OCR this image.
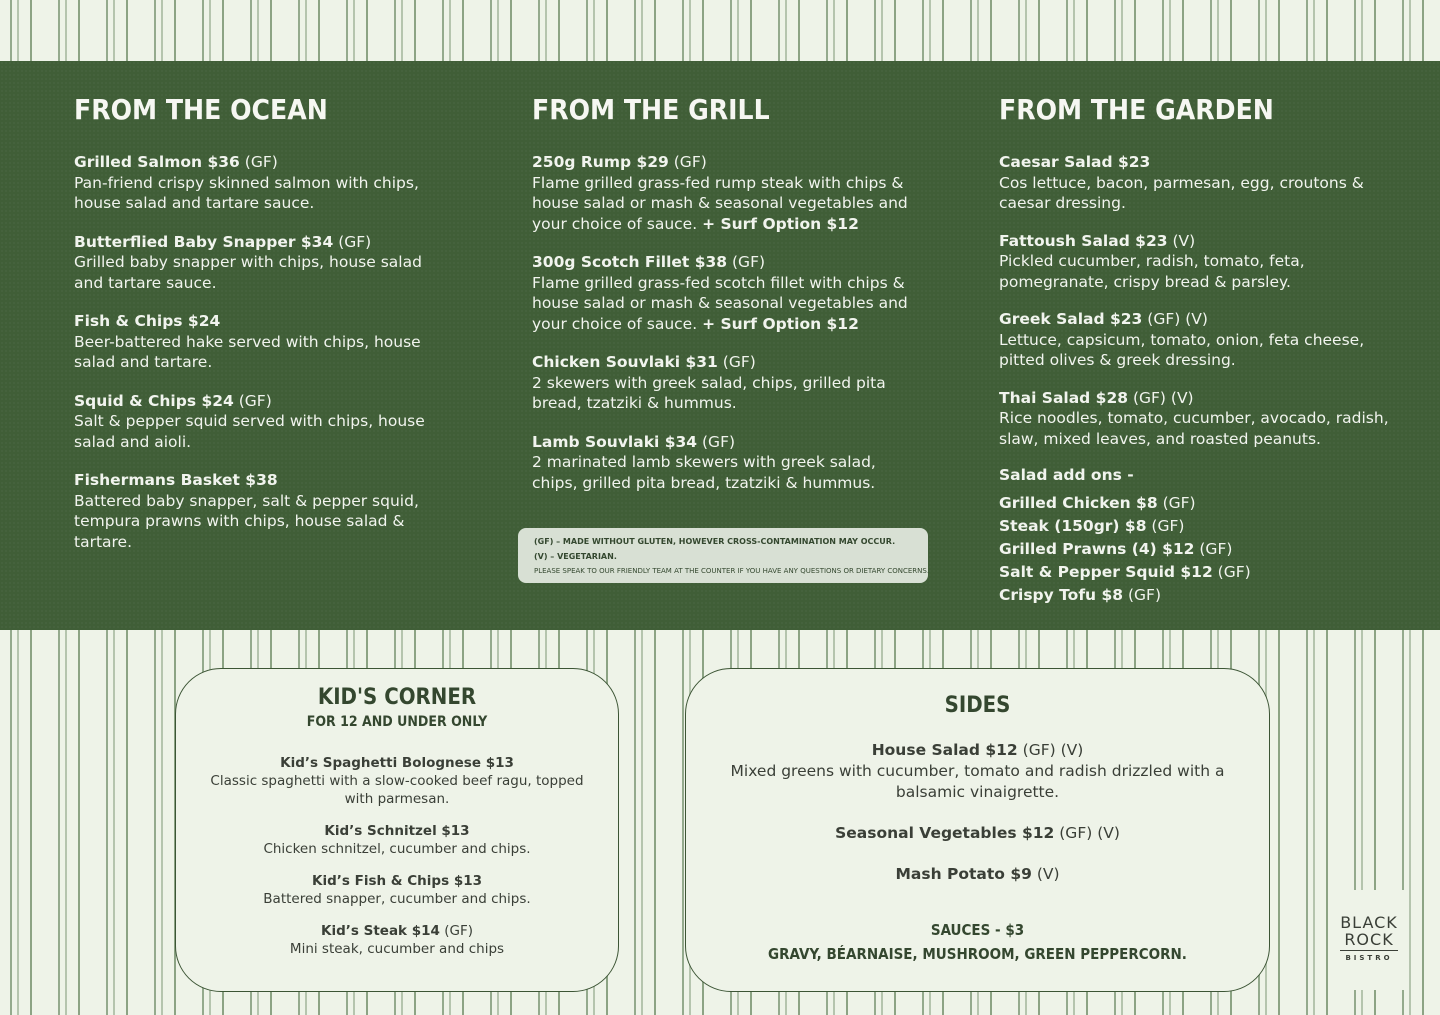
FROM THE OCEAN
Grilled Salmon $36 (GF)
Pan-friend crispy skinned salmon with chips, house salad and tartare sauce.
Butterflied Baby Snapper $34 (GF)
Grilled baby snapper with chips, house salad and tartare sauce.
Fish & Chips $24
Beer-battered hake served with chips, house salad and tartare.
Squid & Chips $24 (GF)
Salt & pepper squid served with chips, house salad and aioli.
Fishermans Basket $38
Battered baby snapper, salt & pepper squid, tempura prawns with chips, house salad & tartare.
FROM THE GRILL
250g Rump $29 (GF)
Flame grilled grass-fed rump steak with chips & house salad or mash & seasonal vegetables and your choice of sauce. + Surf Option $12
300g Scotch Fillet $38 (GF)
Flame grilled grass-fed scotch fillet with chips & house salad or mash & seasonal vegetables and your choice of sauce. + Surf Option $12
Chicken Souvlaki $31 (GF)
2 skewers with greek salad, chips, grilled pita bread, tzatziki & hummus.
Lamb Souvlaki $34 (GF)
2 marinated lamb skewers with greek salad, chips, grilled pita bread, tzatziki & hummus.
(GF) – MADE WITHOUT GLUTEN, HOWEVER CROSS-CONTAMINATION MAY OCCUR.
(V) – VEGETARIAN.
PLEASE SPEAK TO OUR FRIENDLY TEAM AT THE COUNTER IF YOU HAVE ANY QUESTIONS OR DIETARY CONCERNS.
FROM THE GARDEN
Caesar Salad $23
Cos lettuce, bacon, parmesan, egg, croutons & caesar dressing.
Fattoush Salad $23 (V)
Pickled cucumber, radish, tomato, feta, pomegranate, crispy bread & parsley.
Greek Salad $23 (GF) (V)
Lettuce, capsicum, tomato, onion, feta cheese, pitted olives & greek dressing.
Thai Salad $28 (GF) (V)
Rice noodles, tomato, cucumber, avocado, radish, slaw, mixed leaves, and roasted peanuts.
Salad add ons -
Grilled Chicken $8 (GF)
Steak (150gr) $8 (GF)
Grilled Prawns (4) $12 (GF)
Salt & Pepper Squid $12 (GF)
Crispy Tofu $8 (GF)
KID'S CORNER
FOR 12 AND UNDER ONLY
Kid’s Spaghetti Bolognese $13
Classic spaghetti with a slow-cooked beef ragu, topped with parmesan.
Kid’s Schnitzel $13
Chicken schnitzel, cucumber and chips.
Kid’s Fish & Chips $13
Battered snapper, cucumber and chips.
Kid’s Steak $14 (GF)
Mini steak, cucumber and chips
SIDES
House Salad $12 (GF) (V)
Mixed greens with cucumber, tomato and radish drizzled with a balsamic vinaigrette.
Seasonal Vegetables $12 (GF) (V)
Mash Potato $9 (V)
SAUCES - $3
GRAVY, BÉARNAISE, MUSHROOM, GREEN PEPPERCORN.
BLACK
ROCK
BISTRO
